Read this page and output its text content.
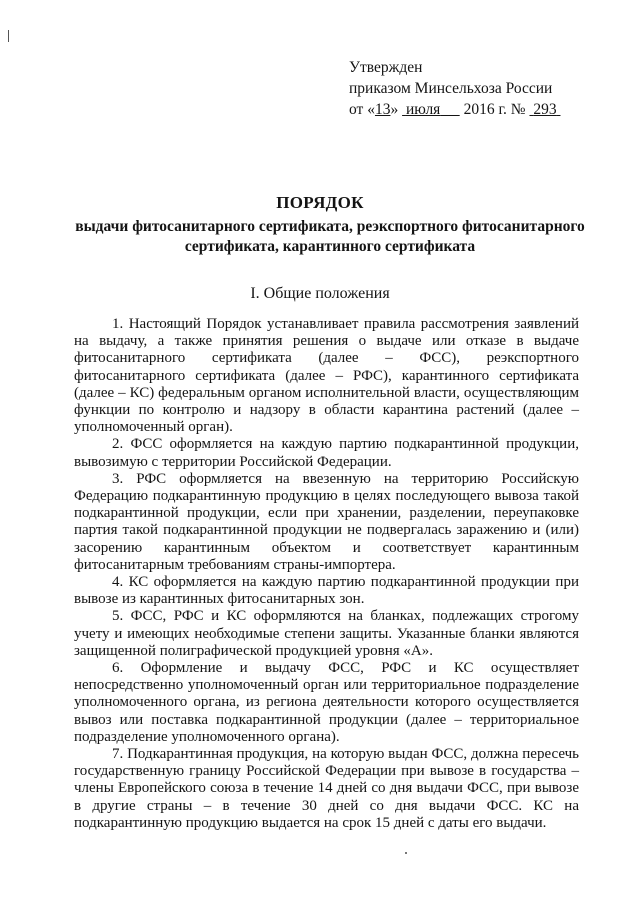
Утвержден
приказом Минсельхоза России
от «13»  июля 2016 г. № 293
ПОРЯДОК
выдачи фитосанитарного сертификата, реэкспортного фитосанитарного сертификата, карантинного сертификата
I. Общие положения

1. Настоящий Порядок устанавливает правила рассмотрения заявлений на выдачу, а также принятия решения о выдаче или отказе в выдаче фитосанитарного сертификата (далее – ФСС), реэкспортного фитосанитарного сертификата (далее – РФС), карантинного сертификата (далее – КС) федеральным органом исполнительной власти, осуществляющим функции по контролю и надзору в области карантина растений (далее – уполномоченный орган).

2. ФСС оформляется на каждую партию подкарантинной продукции, вывозимую с территории Российской Федерации.

3. РФС оформляется на ввезенную на территорию Российскую Федерацию подкарантинную продукцию в целях последующего вывоза такой подкарантинной продукции, если при хранении, разделении, переупаковке партия такой подкарантинной продукции не подвергалась заражению и (или) засорению карантинным объектом и соответствует карантинным фитосанитарным требованиям страны-импортера.

4. КС оформляется на каждую партию подкарантинной продукции при вывозе из карантинных фитосанитарных зон.

5. ФСС, РФС и КС оформляются на бланках, подлежащих строгому учету и имеющих необходимые степени защиты. Указанные бланки являются защищенной полиграфической продукцией уровня «А».

6. Оформление и выдачу ФСС, РФС и КС осуществляет непосредственно уполномоченный орган или территориальное подразделение уполномоченного органа, из региона деятельности которого осуществляется вывоз или поставка подкарантинной продукции (далее – территориальное подразделение уполномоченного органа).

7. Подкарантинная продукция, на которую выдан ФСС, должна пересечь государственную границу Российской Федерации при вывозе в государства – члены Европейского союза в течение 14 дней со дня выдачи ФСС, при вывозе в другие страны – в течение 30 дней со дня выдачи ФСС. КС на подкарантинную продукцию выдается на срок 15 дней с даты его выдачи.
